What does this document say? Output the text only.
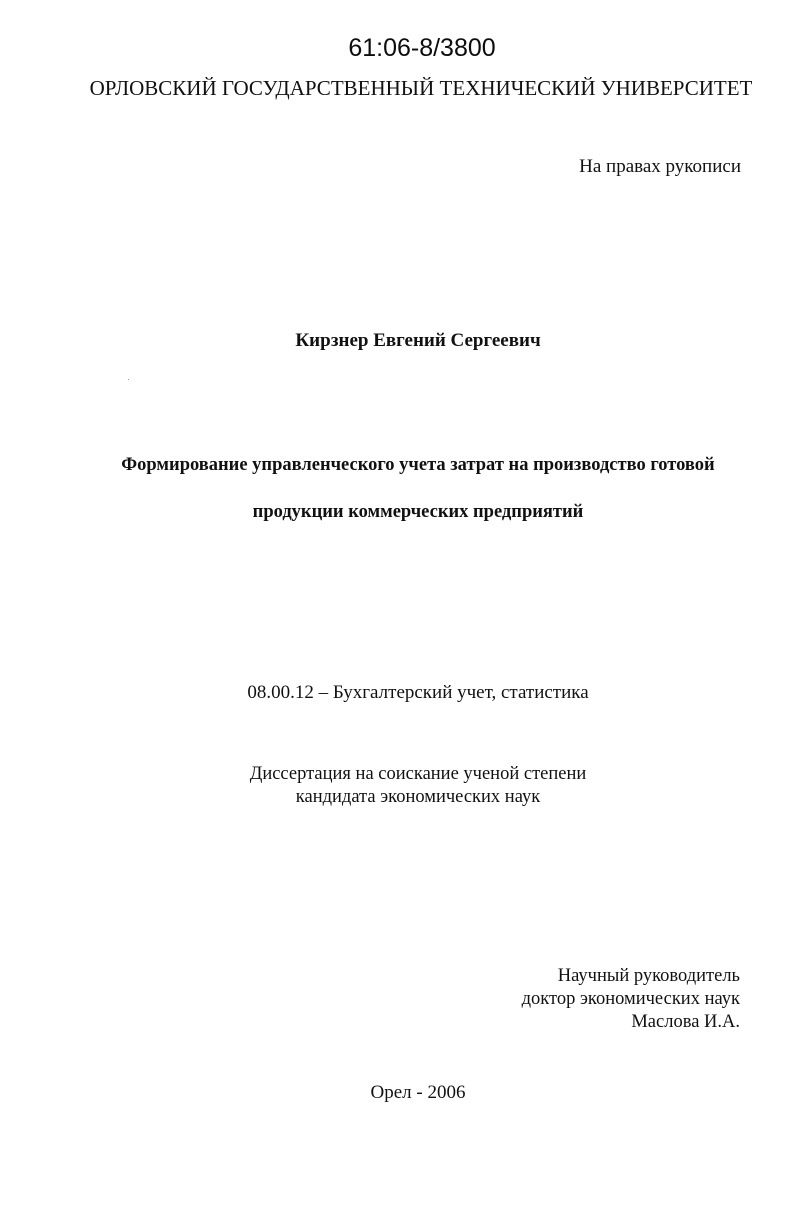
61:06-8/3800

ОРЛОВСКИЙ ГОСУДАРСТВЕННЫЙ ТЕХНИЧЕСКИЙ УНИВЕРСИТЕТ

На правах рукописи

Кирзнер Евгений Сергеевич

Формирование управленческого учета затрат на производство готовой

продукции коммерческих предприятий

08.00.12 – Бухгалтерский учет, статистика

Диссертация на соискание ученой степени

кандидата экономических наук

Научный руководитель

доктор экономических наук

Маслова И.А.

Орел - 2006
